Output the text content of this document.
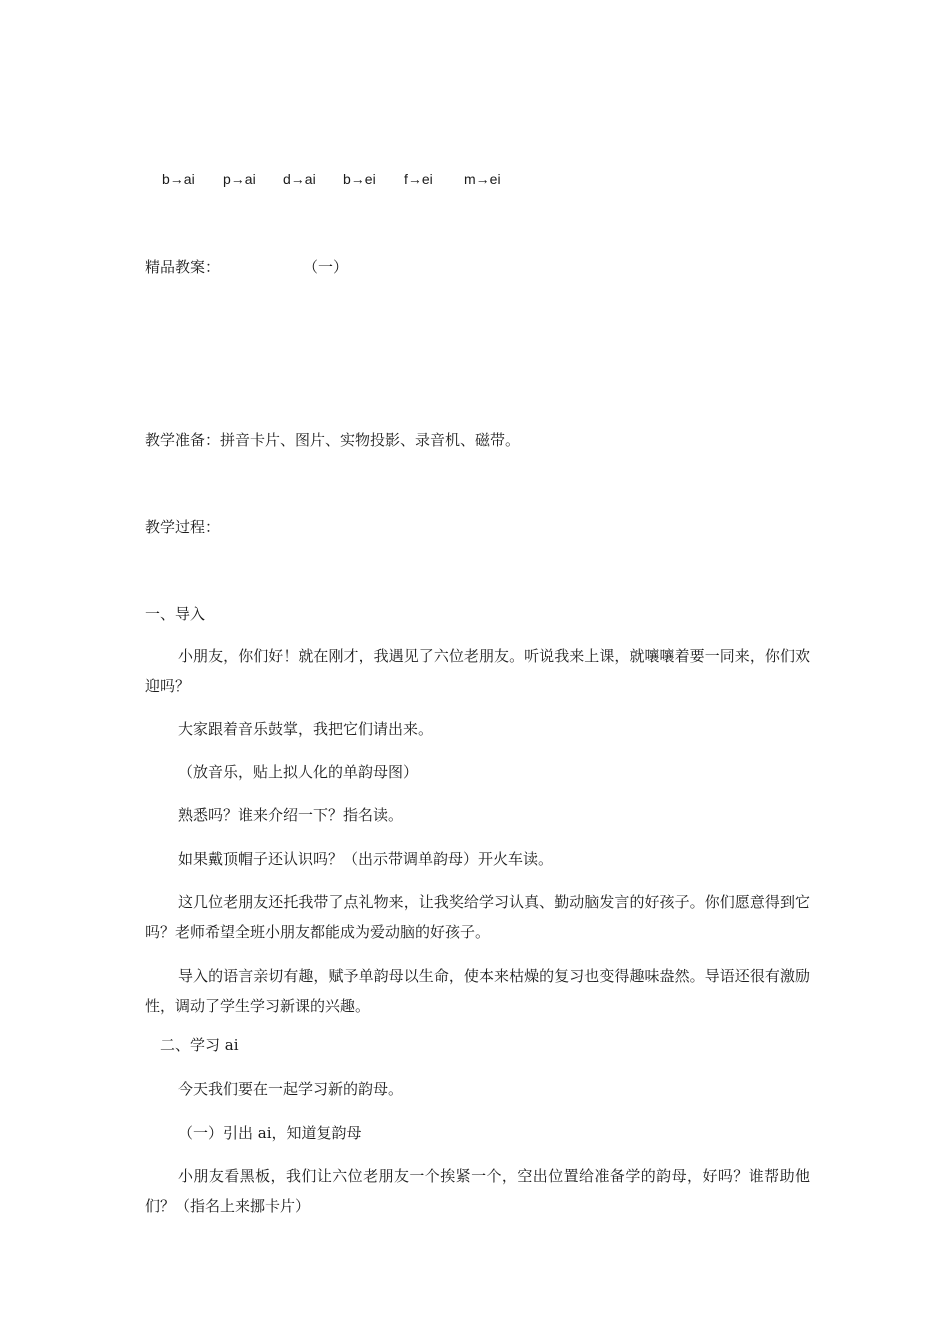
b→ai p→ai d→ai b→ei f→ei m→ei
精品教案：	（一）
教学准备：拼音卡片、图片、实物投影、录音机、磁带。
教学过程：
一、导入
小朋友，你们好！就在刚才，我遇见了六位老朋友。听说我来上课，就嚷嚷着要一同来，你们欢迎吗？
大家跟着音乐鼓掌，我把它们请出来。
（放音乐，贴上拟人化的单韵母图）
熟悉吗？谁来介绍一下？指名读。
如果戴顶帽子还认识吗？（出示带调单韵母）开火车读。
这几位老朋友还托我带了点礼物来，让我奖给学习认真、勤动脑发言的好孩子。你们愿意得到它吗？老师希望全班小朋友都能成为爱动脑的好孩子。
导入的语言亲切有趣，赋予单韵母以生命，使本来枯燥的复习也变得趣味盎然。导语还很有激励性，调动了学生学习新课的兴趣。
二、学习 ai
今天我们要在一起学习新的韵母。
（一）引出 ai，知道复韵母
小朋友看黑板，我们让六位老朋友一个挨紧一个，空出位置给准备学的韵母，好吗？谁帮助他们？（指名上来挪卡片）
